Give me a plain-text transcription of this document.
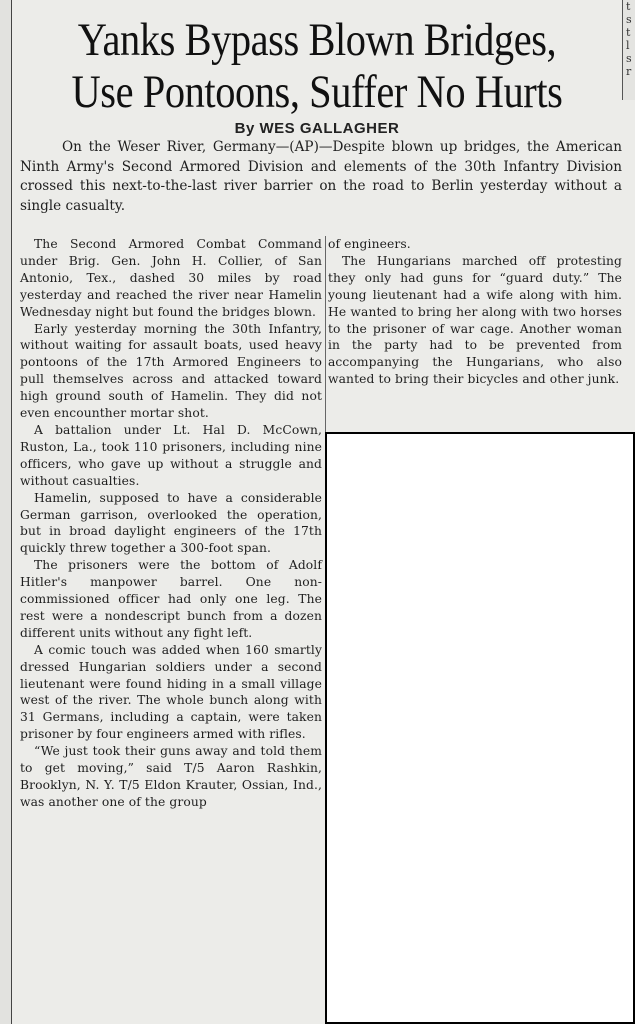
t
s
t
l
s
r
Yanks Bypass Blown Bridges,
Use Pontoons, Suffer No Hurts
By WES GALLAGHER

On the Weser River, Germany—(AP)—Despite blown up bridges, the American Ninth Army's Second Armored Division and elements of the 30th Infantry Division crossed this next-to-the-last river barrier on the road to Berlin yesterday without a single casualty.

The Second Armored Combat Command under Brig. Gen. John H. Collier, of San Antonio, Tex., dashed 30 miles by road yesterday and reached the river near Hamelin Wednesday night but found the bridges blown.

Early yesterday morning the 30th Infantry, without waiting for assault boats, used heavy pontoons of the 17th Armored Engineers to pull themselves across and attacked toward high ground south of Hamelin. They did not even encounther mortar shot.

A battalion under Lt. Hal D. McCown, Ruston, La., took 110 prisoners, including nine officers, who gave up without a struggle and without casualties.

Hamelin, supposed to have a considerable German garrison, overlooked the operation, but in broad daylight engineers of the 17th quickly threw together a 300-foot span.

The prisoners were the bottom of Adolf Hitler's manpower barrel. One non-commissioned officer had only one leg. The rest were a nondescript bunch from a dozen different units without any fight left.

A comic touch was added when 160 smartly dressed Hungarian soldiers under a second lieutenant were found hiding in a small village west of the river. The whole bunch along with 31 Germans, including a captain, were taken prisoner by four engineers armed with rifles.

“We just took their guns away and told them to get moving,” said T/5 Aaron Rashkin, Brooklyn, N. Y. T/5 Eldon Krauter, Ossian, Ind., was another one of the group

of engineers.

The Hungarians marched off protesting they only had guns for “guard duty.” The young lieutenant had a wife along with him. He wanted to bring her along with two horses to the prisoner of war cage. Another woman in the party had to be prevented from accompanying the Hungarians, who also wanted to bring their bicycles and other junk.
